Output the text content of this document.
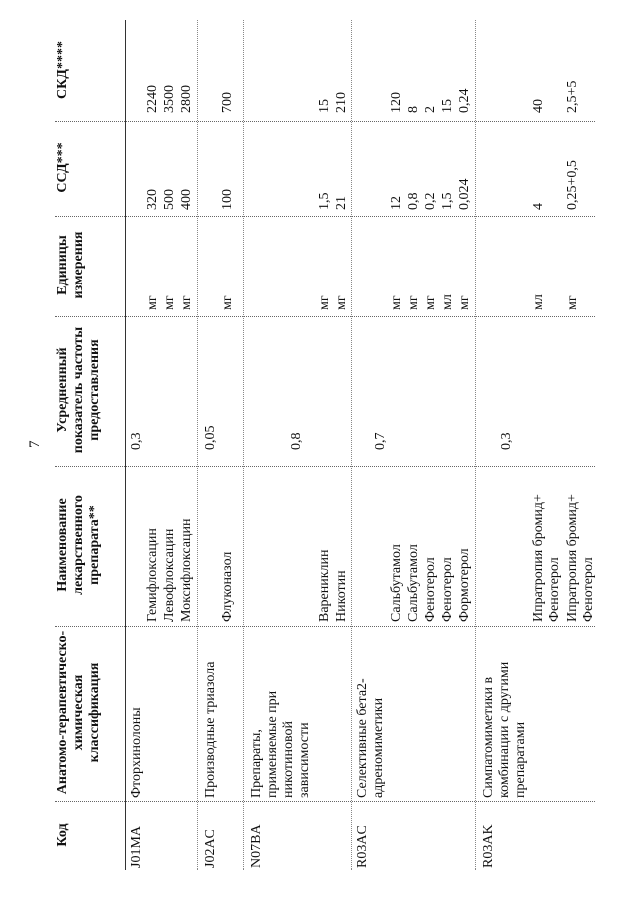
7
Код
Анатомо-терапевтическо-химическая классификация
Наименование лекарственного препарата**
Усредненный показатель частоты предоставления
Единицы измерения
ССД***
СКД****
J01MA
Фторхинолоны
0,3
Гемифлоксацин
мг
320
2240
Левофлоксацин
мг
500
3500
Моксифлоксацин
мг
400
2800
J02AC
Производные триазола
0,05
Флуконазол
мг
100
700
N07BA
Препараты, применяемые при никотиновой зависимости
0,8
Варениклин
мг
1,5
15
Никотин
мг
21
210
R03AC
Селективные бета2-адреномиметики
0,7
Сальбутамол
мг
12
120
Сальбутамол
мг
0,8
8
Фенотерол
мг
0,2
2
Фенотерол
мл
1,5
15
Формотерол
мг
0,024
0,24
R03AK
Симпатомиметики в комбинации с другими препаратами
0,3
Ипратропия бромид+ Фенотерол
мл
4
40
Ипратропия бромид+ Фенотерол
мг
0,25+0,5
2,5+5
